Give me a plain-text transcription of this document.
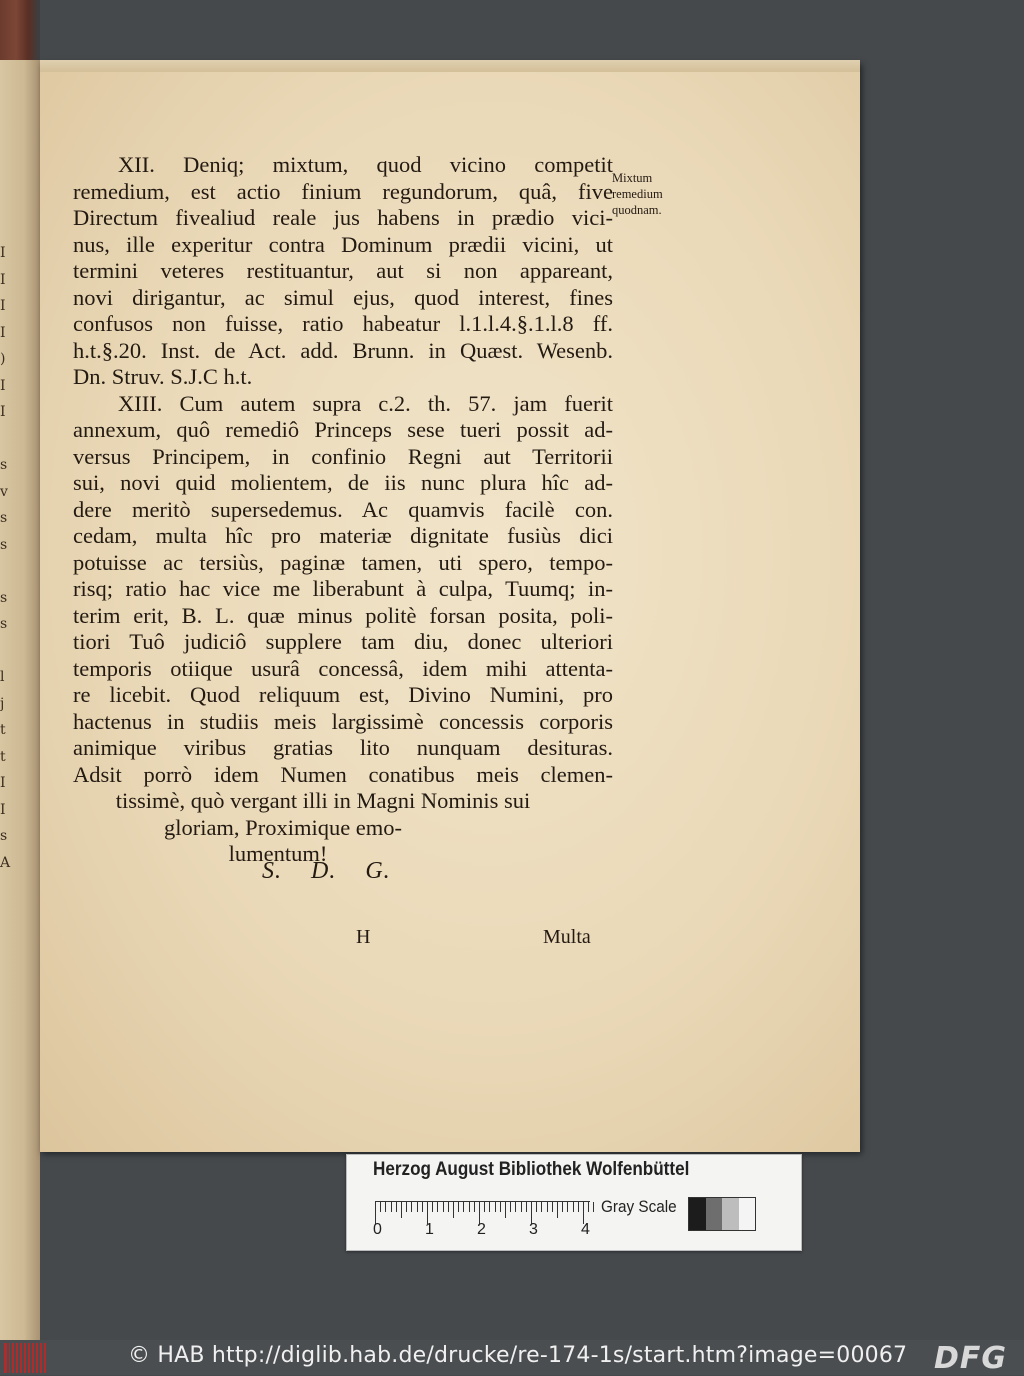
I
I
I
I
)
I
I

s
v
s
s

s
s

l
j
t
t
I
I
s
A
XII. Deniq; mixtum, quod vicino competit
remedium, est actio finium regundorum, quâ, five
Directum fivealiud reale jus habens in prædio vici-
nus, ille experitur contra Dominum prædii vicini, ut
termini veteres restituantur, aut si non appareant,
novi dirigantur, ac simul ejus, quod interest, fines
confusos non fuisse, ratio habeatur l.1.l.4.§.1.l.8 ff.
h.t.§.20. Inst. de Act. add. Brunn. in Quæst. Wesenb.
Dn. Struv. S.J.C h.t.
XIII. Cum autem supra c.2. th. 57. jam fuerit
annexum, quô remediô Princeps sese tueri possit ad-
versus Principem, in confinio Regni aut Territorii
sui, novi quid molientem, de iis nunc plura hîc ad-
dere meritò supersedemus. Ac quamvis facilè con.
cedam, multa hîc pro materiæ dignitate fusiùs dici
potuisse ac tersiùs, paginæ tamen, uti spero, tempo-
risq; ratio hac vice me liberabunt à culpa, Tuumq; in-
terim erit, B. L. quæ minus politè forsan posita, poli-
tiori Tuô judiciô supplere tam diu, donec ulteriori
temporis otiique usurâ concessâ, idem mihi attenta-
re licebit. Quod reliquum est, Divino Numini, pro
hactenus in studiis meis largissimè concessis corporis
animique viribus gratias lito nunquam desituras.
Adsit porrò idem Numen conatibus meis clemen-
tissimè, quò vergant illi in Magni Nominis sui
gloriam, Proximique emo-
lumentum!
Mixtum
remedium
quodnam.
S. D. G.
H	Multa
Herzog August Bibliothek Wolfenbüttel
0	1	2	3	4
Gray Scale
© HAB http://diglib.hab.de/drucke/re-174-1s/start.htm?image=00067 DFG
